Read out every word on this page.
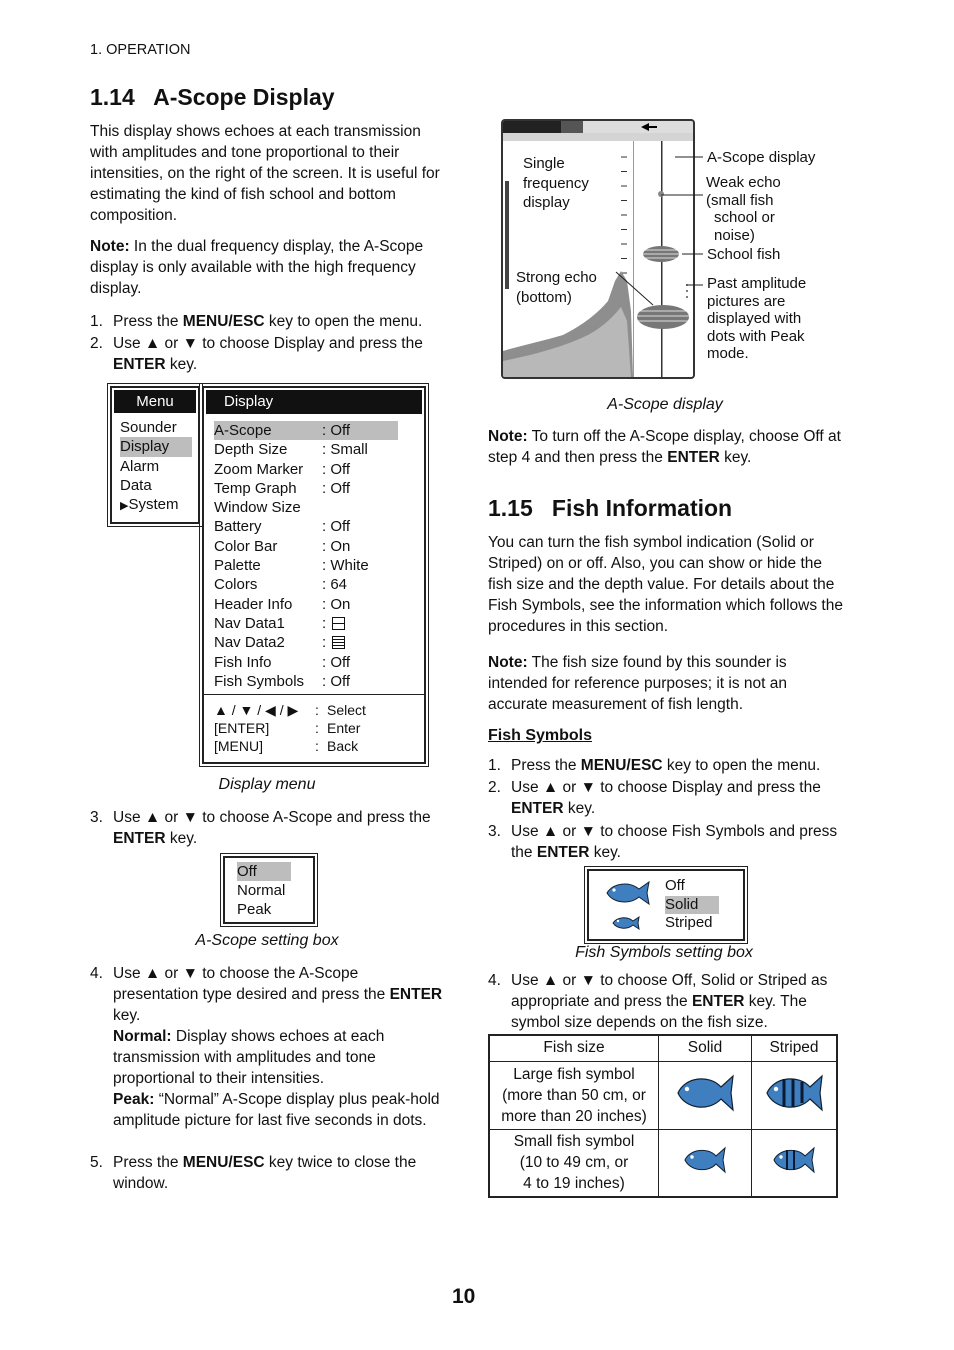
1. OPERATION
1.14   A-Scope Display
This display shows echoes at each transmission with amplitudes and tone proportional to their intensities, on the right of the screen. It is useful for estimating the kind of fish school and bottom composition.
Note: In the dual frequency display, the A-Scope display is only available with the high frequency display.
1. Press the MENU/ESC key to open the menu.
2. Use ▲ or ▼ to choose Display and press the ENTER key.
Menu
Sounder
Display
Alarm
Data
▶System
Display
A-Scope	: Off
Depth Size : Small
Zoom Marker : Off
Temp Graph : Off
Window Size
Battery	: Off
Color Bar	: On
Palette	: White
Colors	: 64
Header Info : On
Nav Data1 :
Nav Data2 :
Fish Info	: Off
Fish Symbols : Off
▲ / ▼ / ◀ / ▶ : Select
[ENTER]	: Enter
[MENU]	: Back
Display menu
3. Use ▲ or ▼ to choose A-Scope and press the ENTER key.
Off
Normal
Peak
A-Scope setting box
4. Use ▲ or ▼ to choose the A-Scope presentation type desired and press the ENTER key.
Normal: Display shows echoes at each transmission with amplitudes and tone proportional to their intensities.
Peak: “Normal” A-Scope display plus peak-hold amplitude picture for last five seconds in dots.
5. Press the MENU/ESC key twice to close the window.
Single
frequency
display
Strong echo
(bottom)
A-Scope display
Weak echo
(small fish
school or
noise)
School fish
Past amplitude
pictures are
displayed with
dots with Peak
mode.
A-Scope display
Note: To turn off the A-Scope display, choose Off at step 4 and then press the ENTER key.
1.15   Fish Information
You can turn the fish symbol indication (Solid or Striped) on or off. Also, you can show or hide the fish size and the depth value. For details about the Fish Symbols, see the information which follows the procedures in this section.
Note: The fish size found by this sounder is intended for reference purposes; it is not an accurate measurement of fish length.
Fish Symbols
1. Press the MENU/ESC key to open the menu.
2. Use ▲ or ▼ to choose Display and press the ENTER key.
3. Use ▲ or ▼ to choose Fish Symbols and press the ENTER key.
Off
Solid
Striped
Fish Symbols setting box
4. Use ▲ or ▼ to choose Off, Solid or Striped as appropriate and press the ENTER key. The symbol size depends on the fish size.
Fish size	Solid	Striped

Large fish symbol
(more than 50 cm, or
more than 20 inches)

Small fish symbol
(10 to 49 cm, or
4 to 19 inches)

10
